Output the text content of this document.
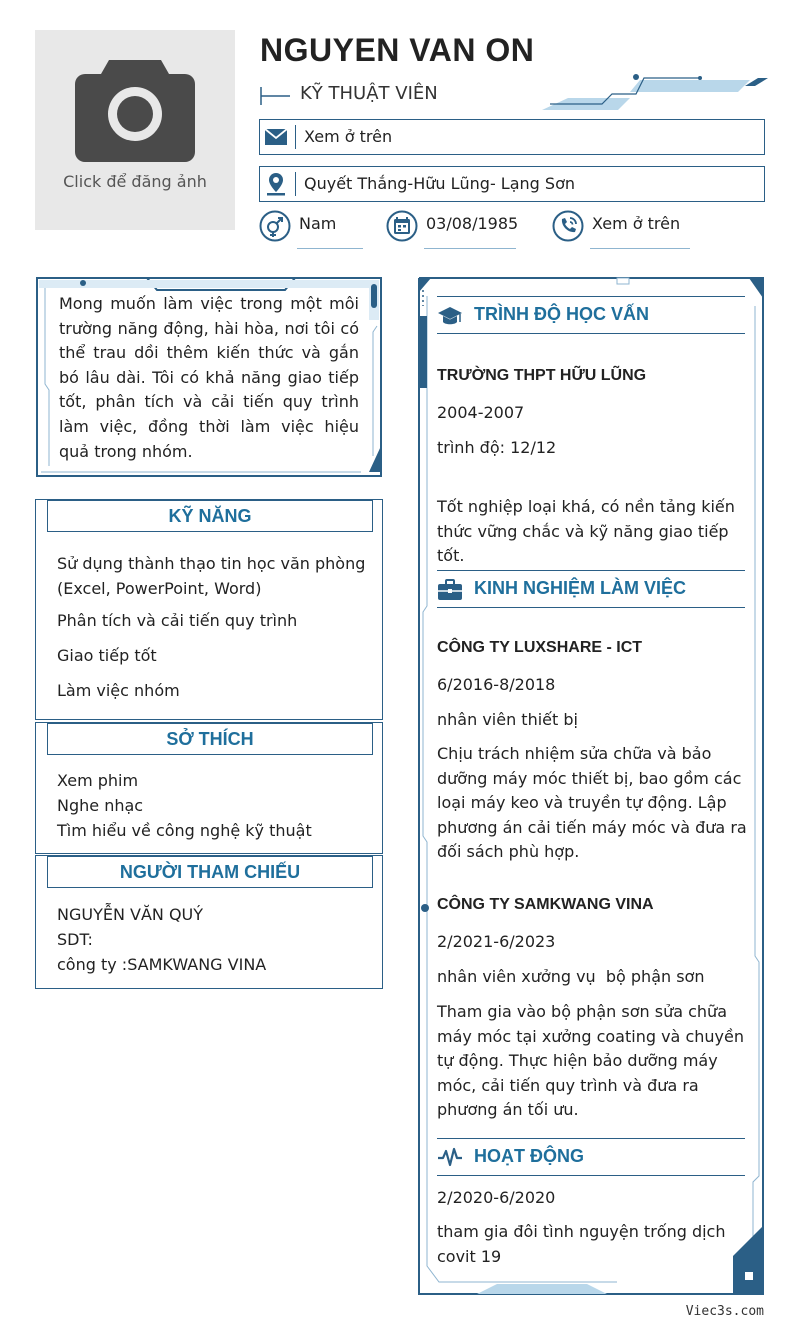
Click để đăng ảnh
NGUYEN VAN ON
KỸ THUẬT VIÊN
Xem ở trên
Quyết Thắng-Hữu Lũng- Lạng Sơn
Nam	03/08/1985	Xem ở trên
Mong muốn làm việc trong một môi trường năng động, hài hòa, nơi tôi có thể trau dồi thêm kiến thức và gắn bó lâu dài. Tôi có khả năng giao tiếp tốt, phân tích và cải tiến quy trình làm việc, đồng thời làm việc hiệu quả trong nhóm.
KỸ NĂNG
Sử dụng thành thạo tin học văn phòng (Excel, PowerPoint, Word)
Phân tích và cải tiến quy trình
Giao tiếp tốt
Làm việc nhóm
SỞ THÍCH
Xem phim
Nghe nhạc
Tìm hiểu về công nghệ kỹ thuật
NGƯỜI THAM CHIẾU
NGUYỄN VĂN QUÝ
SDT:
công ty :SAMKWANG VINA
TRÌNH ĐỘ HỌC VẤN
TRƯỜNG THPT HỮU LŨNG
2004-2007
trình độ: 12/12
Tốt nghiệp loại khá, có nền tảng kiến thức vững chắc và kỹ năng giao tiếp tốt.
KINH NGHIỆM LÀM VIỆC
CÔNG TY LUXSHARE - ICT
6/2016-8/2018
nhân viên thiết bị
Chịu trách nhiệm sửa chữa và bảo dưỡng máy móc thiết bị, bao gồm các loại máy keo và truyền tự động. Lập phương án cải tiến máy móc và đưa ra đối sách phù hợp.
CÔNG TY SAMKWANG VINA
2/2021-6/2023
nhân viên xưởng vụ  bộ phận sơn
Tham gia vào bộ phận sơn sửa chữa máy móc tại xưởng coating và chuyền tự động. Thực hiện bảo dưỡng máy móc, cải tiến quy trình và đưa ra phương án tối ưu.
HOẠT ĐỘNG
2/2020-6/2020
tham gia đôi tình nguyện trống dịch covit 19
Viec3s.com
